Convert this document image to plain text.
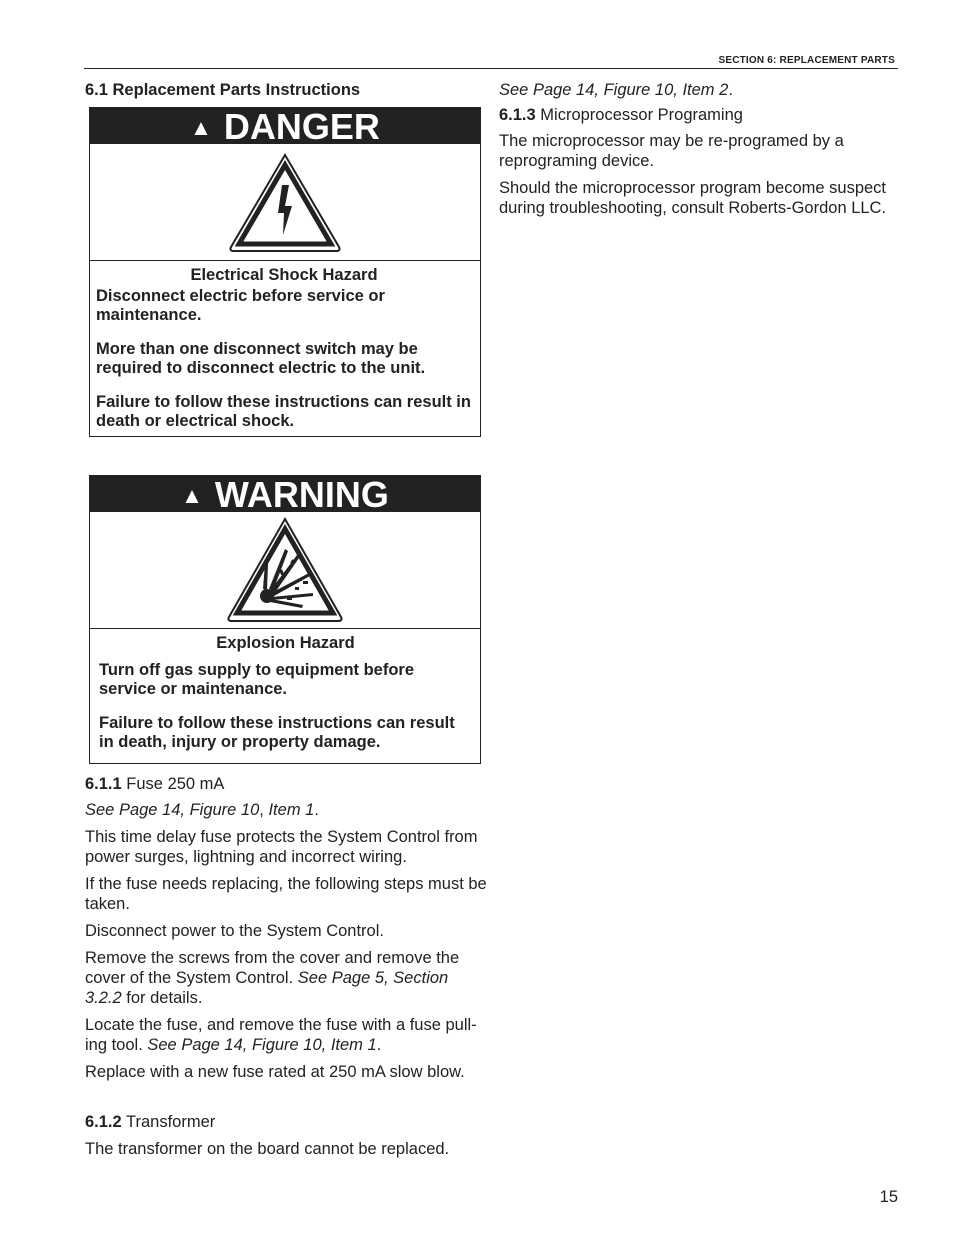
SECTION 6: REPLACEMENT PARTS
6.1 Replacement Parts Instructions
▲ DANGER

Electrical Shock Hazard

Disconnect electric before service or maintenance.

More than one disconnect switch may be required to disconnect electric to the unit.

Failure to follow these instructions can result in death or electrical shock.

▲ WARNING

Explosion Hazard

Turn off gas supply to equipment before service or maintenance.

Failure to follow these instructions can result in death, injury or property damage.

6.1.1 Fuse 250 mA

See Page 14, Figure 10, Item 1.

This time delay fuse protects the System Control from power surges, lightning and incorrect wiring.

If the fuse needs replacing, the following steps must be taken.

Disconnect power to the System Control.

Remove the screws from the cover and remove the cover of the System Control. See Page 5, Section 3.2.2 for details.

Locate the fuse, and remove the fuse with a fuse pull-ing tool. See Page 14, Figure 10, Item 1.

Replace with a new fuse rated at 250 mA slow blow.

6.1.2 Transformer

The transformer on the board cannot be replaced.

See Page 14, Figure 10, Item 2.

6.1.3 Microprocessor Programing

The microprocessor may be re-programed by a reprograming device.

Should the microprocessor program become suspect during troubleshooting, consult Roberts-Gordon LLC.

15
